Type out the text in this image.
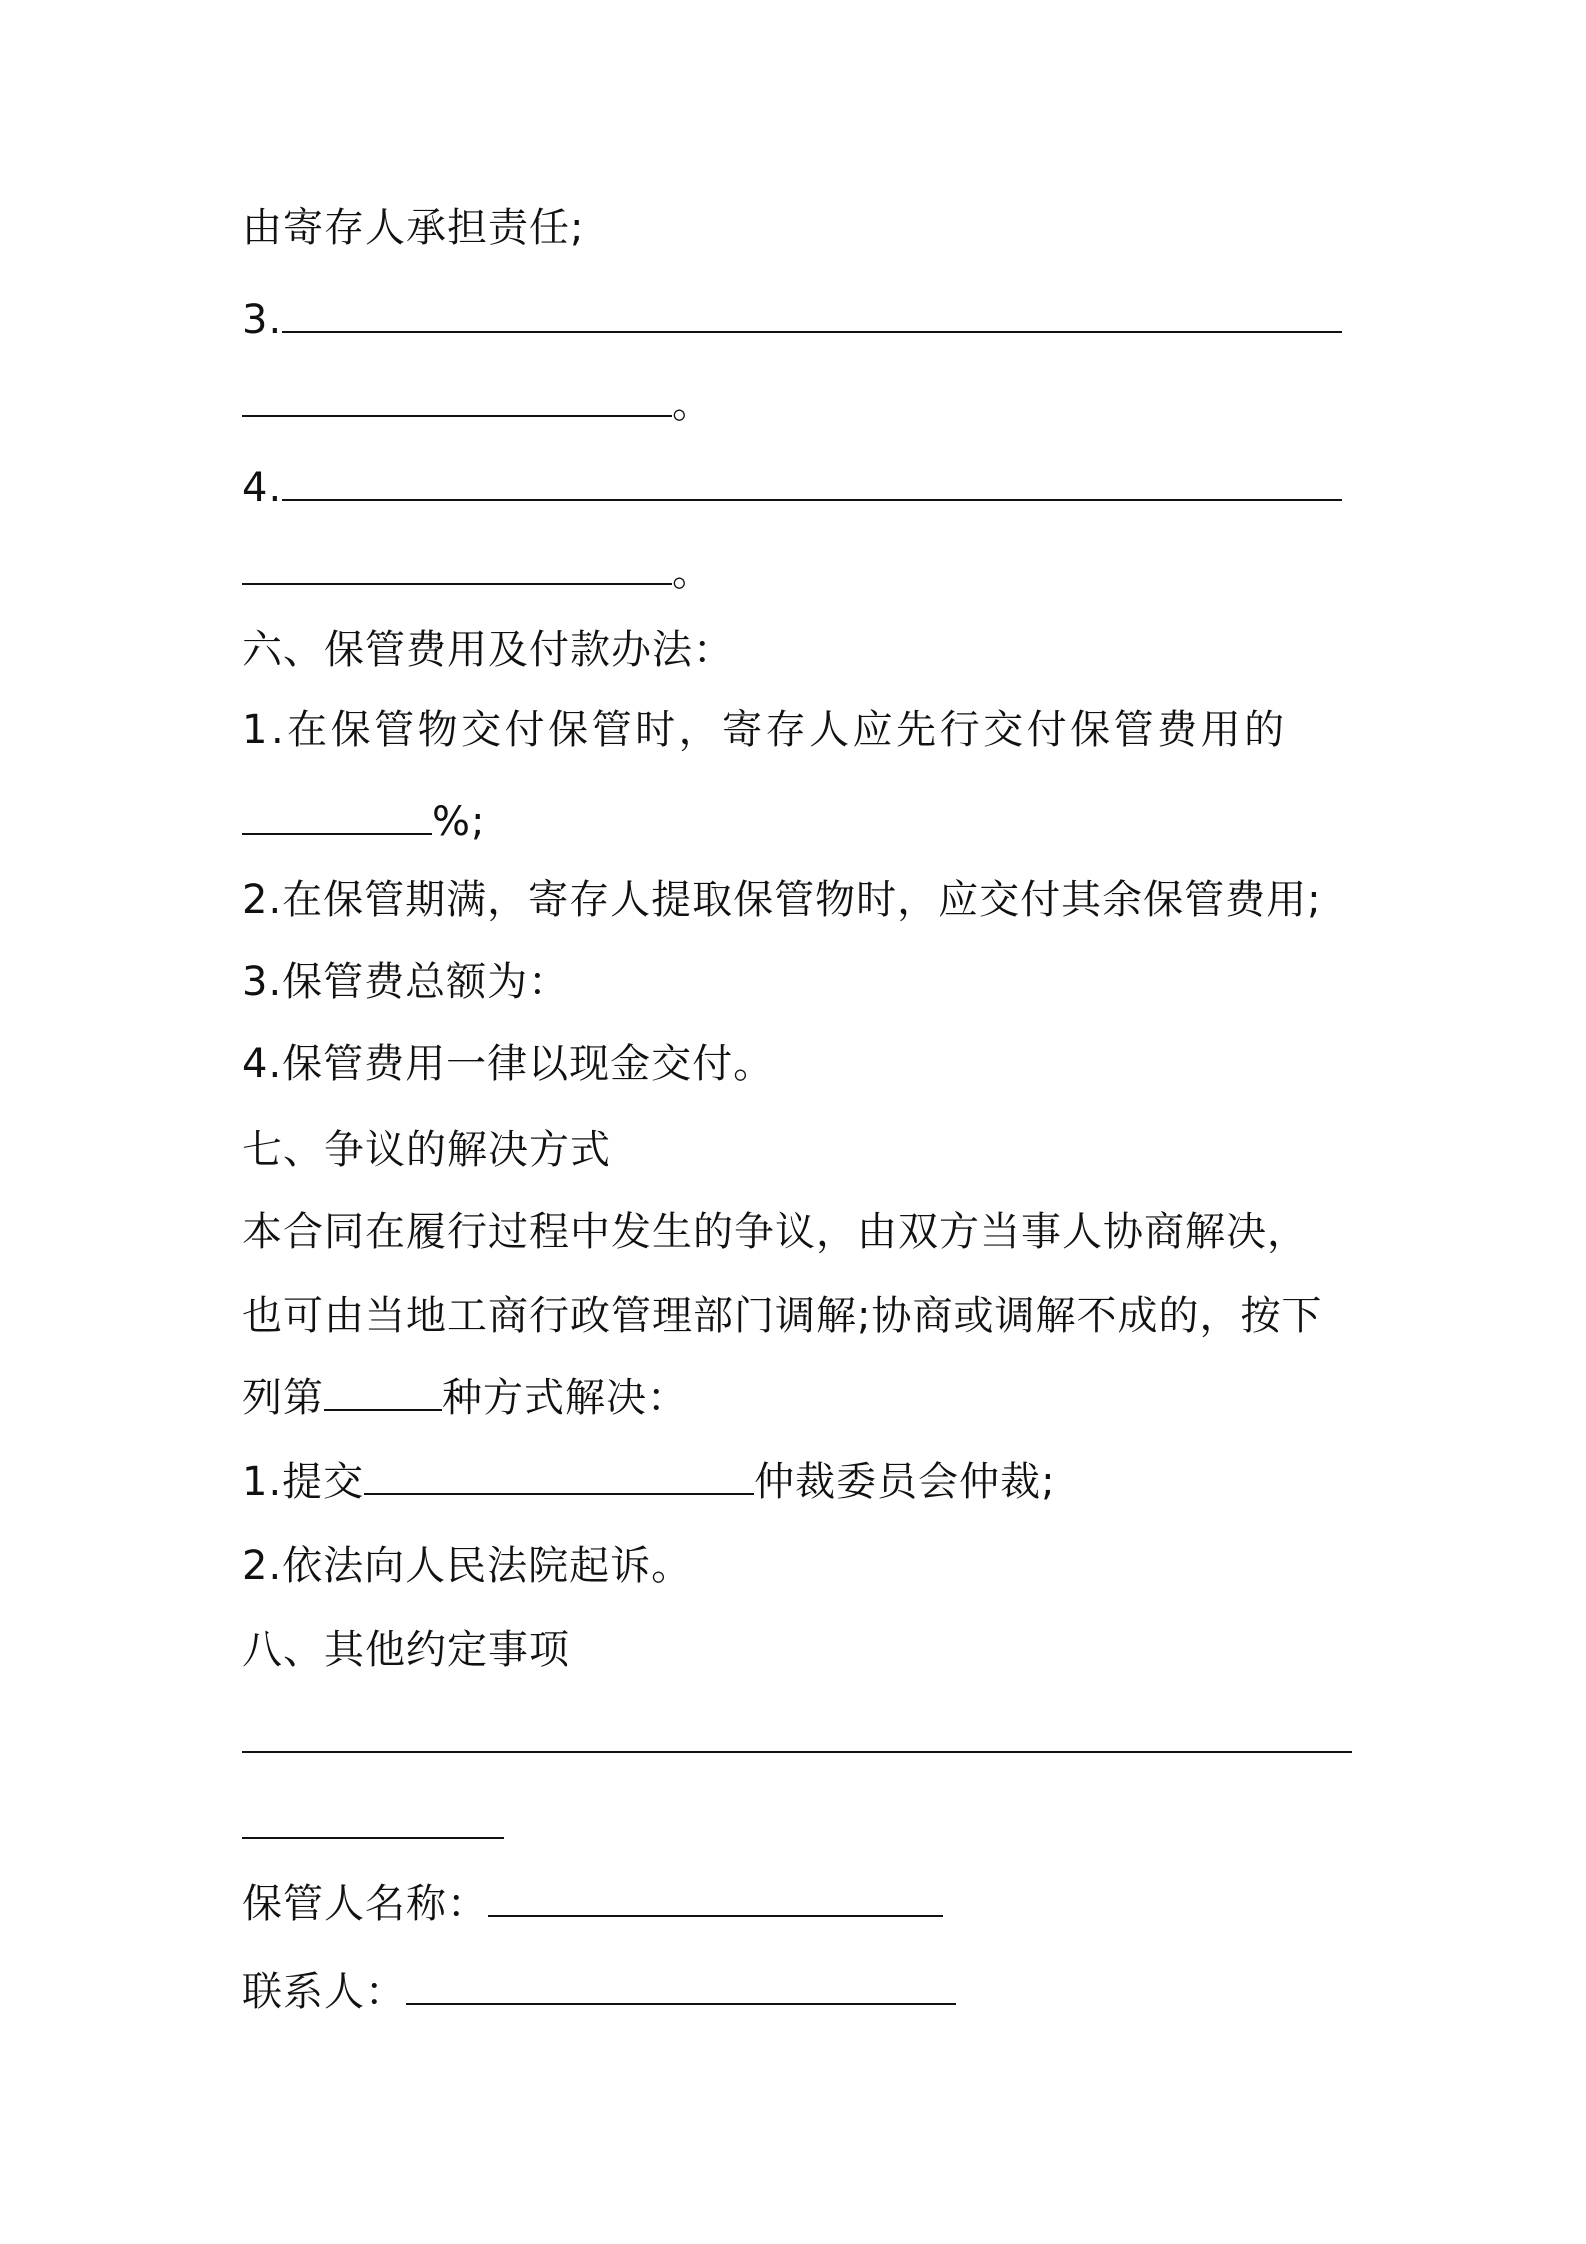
由寄存人承担责任;
3.
。
4.
。
六、保管费用及付款办法：
1.在保管物交付保管时，寄存人应先行交付保管费用的
%;
2.在保管期满，寄存人提取保管物时，应交付其余保管费用;
3.保管费总额为：
4.保管费用一律以现金交付。
七、争议的解决方式
本合同在履行过程中发生的争议，由双方当事人协商解决，
也可由当地工商行政管理部门调解;协商或调解不成的，按下
列第	种方式解决：
1.提交	仲裁委员会仲裁;
2.依法向人民法院起诉。
八、其他约定事项
保管人名称：
联系人：
